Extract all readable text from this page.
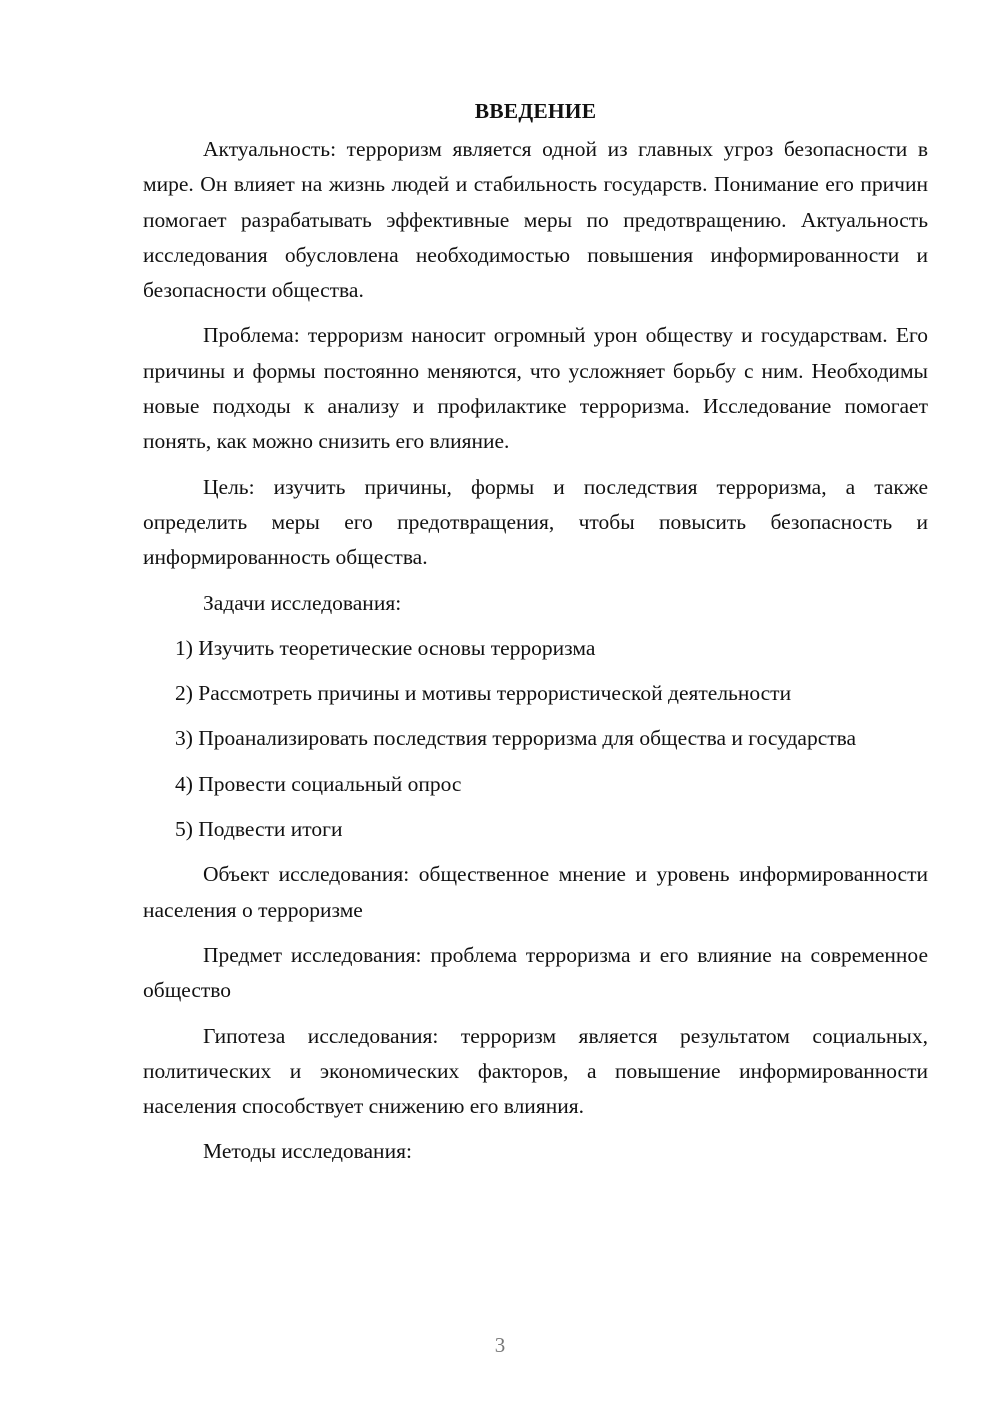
ВВЕДЕНИЕ

Актуальность: терроризм является одной из главных угроз безопасности в мире. Он влияет на жизнь людей и стабильность государств. Понимание его причин помогает разрабатывать эффективные меры по предотвращению. Актуальность исследования обусловлена необходимостью повышения информированности и безопасности общества.

Проблема: терроризм наносит огромный урон обществу и государствам. Его причины и формы постоянно меняются, что усложняет борьбу с ним. Необходимы новые подходы к анализу и профилактике терроризма. Исследование помогает понять, как можно снизить его влияние.

Цель: изучить причины, формы и последствия терроризма, а также определить меры его предотвращения, чтобы повысить безопасность и информированность общества.

Задачи исследования:

1) Изучить теоретические основы терроризма

2) Рассмотреть причины и мотивы террористической деятельности

3) Проанализировать последствия терроризма для общества и государства

4) Провести социальный опрос

5) Подвести итоги

Объект исследования: общественное мнение и уровень информированности населения о терроризме

Предмет исследования: проблема терроризма и его влияние на современное общество

Гипотеза исследования: терроризм является результатом социальных, политических и экономических факторов, а повышение информированности населения способствует снижению его влияния.

Методы исследования:

3
